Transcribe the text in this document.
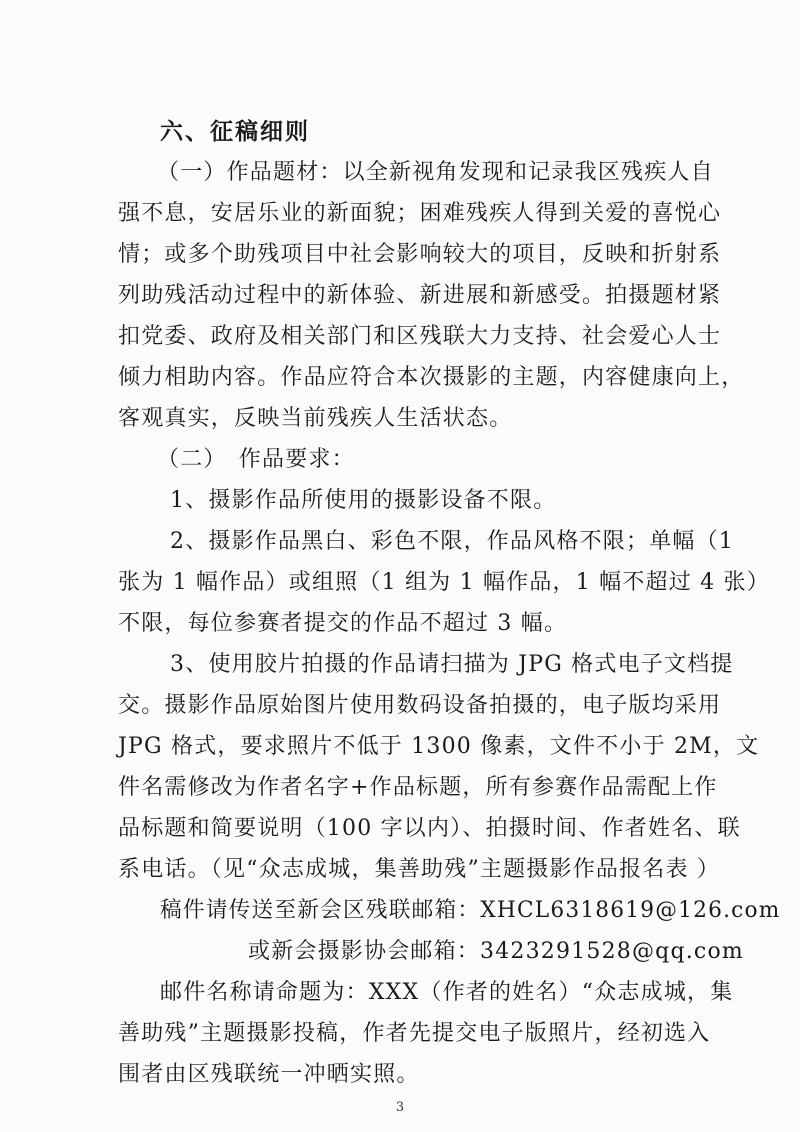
六、征稿细则
（一）作品题材：以全新视角发现和记录我区残疾人自
强不息，安居乐业的新面貌；困难残疾人得到关爱的喜悦心
情；或多个助残项目中社会影响较大的项目，反映和折射系
列助残活动过程中的新体验、新进展和新感受。拍摄题材紧
扣党委、政府及相关部门和区残联大力支持、社会爱心人士
倾力相助内容。作品应符合本次摄影的主题，内容健康向上，
客观真实，反映当前残疾人生活状态。
（二）　作品要求：
1、摄影作品所使用的摄影设备不限。
2、摄影作品黑白、彩色不限，作品风格不限；单幅（1
张为 1 幅作品）或组照（1 组为 1 幅作品，1 幅不超过 4 张）
不限，每位参赛者提交的作品不超过 3 幅。
3、使用胶片拍摄的作品请扫描为 JPG 格式电子文档提
交。摄影作品原始图片使用数码设备拍摄的，电子版均采用
JPG 格式，要求照片不低于 1300 像素，文件不小于 2M，文
件名需修改为作者名字+作品标题，所有参赛作品需配上作
品标题和简要说明（100 字以内）、拍摄时间、作者姓名、联
系电话。（见“众志成城，集善助残”主题摄影作品报名表 ）
稿件请传送至新会区残联邮箱：XHCL6318619@126.com
或新会摄影协会邮箱：3423291528@qq.com
邮件名称请命题为：XXX（作者的姓名）“众志成城，集
善助残”主题摄影投稿，作者先提交电子版照片，经初选入
围者由区残联统一冲晒实照。
3
